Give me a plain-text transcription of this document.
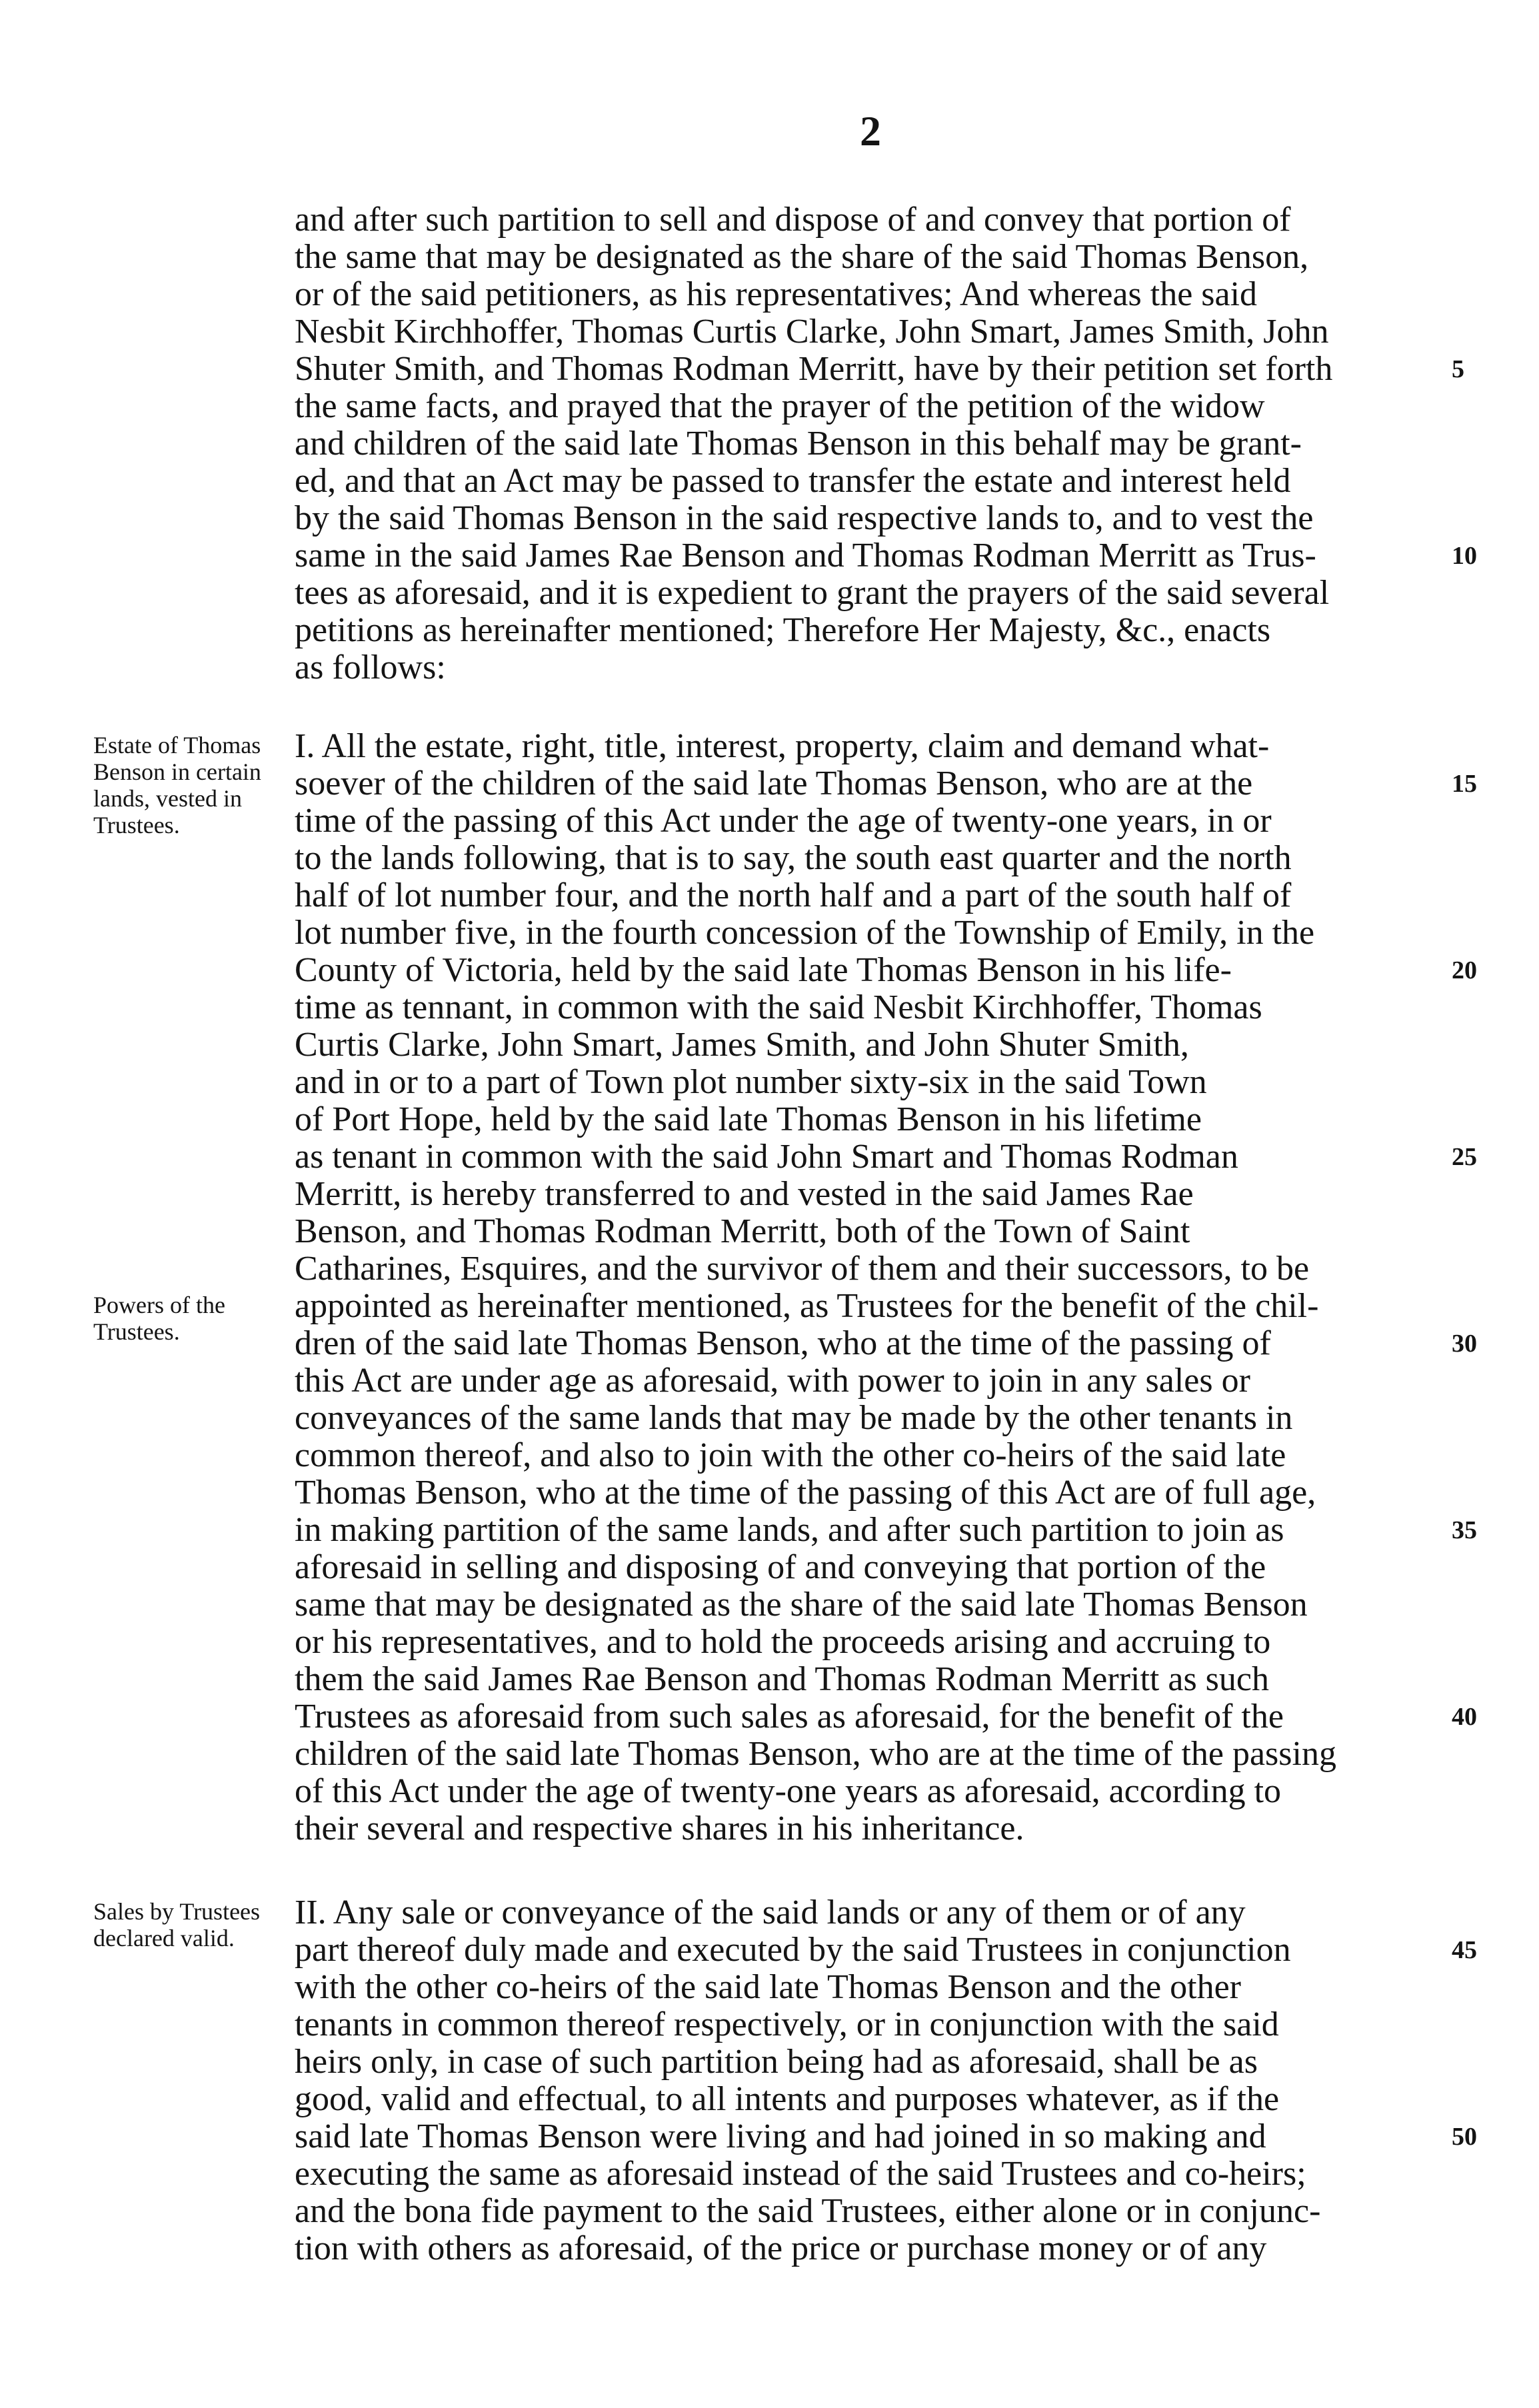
2
and after such partition to sell and dispose of and convey that portion of
the same that may be designated as the share of the said Thomas Benson,
or of the said petitioners, as his representatives; And whereas the said
Nesbit Kirchhoffer, Thomas Curtis Clarke, John Smart, James Smith, John
Shuter Smith, and Thomas Rodman Merritt, have by their petition set forth
the same facts, and prayed that the prayer of the petition of the widow
and children of the said late Thomas Benson in this behalf may be grant-
ed, and that an Act may be passed to transfer the estate and interest held
by the said Thomas Benson in the said respective lands to, and to vest the
same in the said James Rae Benson and Thomas Rodman Merritt as Trus-
tees as aforesaid, and it is expedient to grant the prayers of the said several
petitions as hereinafter mentioned; Therefore Her Majesty, &c., enacts
as follows:
I. All the estate, right, title, interest, property, claim and demand what-
soever of the children of the said late Thomas Benson, who are at the
time of the passing of this Act under the age of twenty-one years, in or
to the lands following, that is to say, the south east quarter and the north
half of lot number four, and the north half and a part of the south half of
lot number five, in the fourth concession of the Township of Emily, in the
County of Victoria, held by the said late Thomas Benson in his life-
time as tennant, in common with the said Nesbit Kirchhoffer, Thomas
Curtis Clarke, John Smart, James Smith, and John Shuter Smith,
and in or to a part of Town plot number sixty-six in the said Town
of Port Hope, held by the said late Thomas Benson in his lifetime
as tenant in common with the said John Smart and Thomas Rodman
Merritt, is hereby transferred to and vested in the said James Rae
Benson, and Thomas Rodman Merritt, both of the Town of Saint
Catharines, Esquires, and the survivor of them and their successors, to be
appointed as hereinafter mentioned, as Trustees for the benefit of the chil-
dren of the said late Thomas Benson, who at the time of the passing of
this Act are under age as aforesaid, with power to join in any sales or
conveyances of the same lands that may be made by the other tenants in
common thereof, and also to join with the other co-heirs of the said late
Thomas Benson, who at the time of the passing of this Act are of full age,
in making partition of the same lands, and after such partition to join as
aforesaid in selling and disposing of and conveying that portion of the
same that may be designated as the share of the said late Thomas Benson
or his representatives, and to hold the proceeds arising and accruing to
them the said James Rae Benson and Thomas Rodman Merritt as such
Trustees as aforesaid from such sales as aforesaid, for the benefit of the
children of the said late Thomas Benson, who are at the time of the passing
of this Act under the age of twenty-one years as aforesaid, according to
their several and respective shares in his inheritance.
II. Any sale or conveyance of the said lands or any of them or of any
part thereof duly made and executed by the said Trustees in conjunction
with the other co-heirs of the said late Thomas Benson and the other
tenants in common thereof respectively, or in conjunction with the said
heirs only, in case of such partition being had as aforesaid, shall be as
good, valid and effectual, to all intents and purposes whatever, as if the
said late Thomas Benson were living and had joined in so making and
executing the same as aforesaid instead of the said Trustees and co-heirs;
and the bona fide payment to the said Trustees, either alone or in conjunc-
tion with others as aforesaid, of the price or purchase money or of any
5
10
15
20
25
30
35
40
45
50
Estate of Thomas Benson in certain lands, vested in Trustees.
Powers of the Trustees.
Sales by Trustees declared valid.
